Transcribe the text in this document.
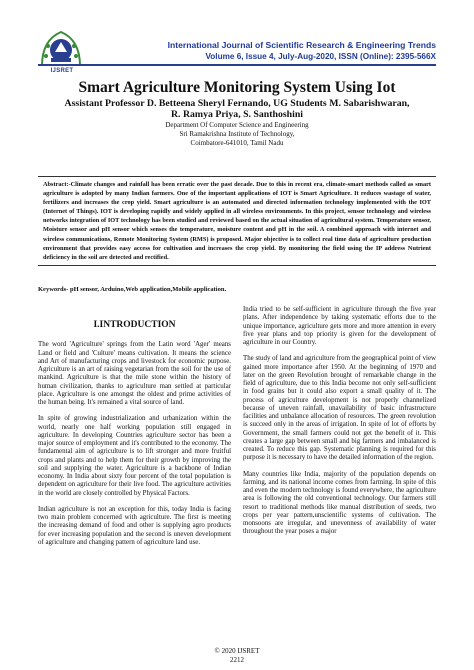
IJSRET
International Journal of Scientific Research & Engineering Trends
Volume 6, Issue 4, July-Aug-2020, ISSN (Online): 2395-566X
Smart Agriculture Monitoring System Using Iot
Assistant Professor D. Betteena Sheryl Fernando, UG Students M. Sabarishwaran,
R. Ramya Priya, S. Santhoshini
Department Of Computer Science and Engineering
Sri Ramakrishna Institute of Technology,
Coimbatore-641010, Tamil Nadu
Abstract:-Climate changes and rainfall has been erratic over the past decade. Due to this in recent era, climate-smart methods called as smart agriculture is adopted by many Indian farmers. One of the important applications of IOT is Smart Agriculture. It reduces wastage of water, fertilizers and increases the crop yield. Smart agriculture is an automated and directed information technology implemented with the IOT (Internet of Things). IOT is developing rapidly and widely applied in all wireless environments. In this project, sensor technology and wireless networks integration of IOT technology has been studied and reviewed based on the actual situation of agricultural system. Temperature sensor, Moisture sensor and pH sensor which senses the temperature, moisture content and pH in the soil. A combined approach with internet and wireless communications, Remote Monitoring System (RMS) is proposed. Major objective is to collect real time data of agriculture production environment that provides easy access for cultivation and increases the crop yield. By monitoring the field using the IP address Nutrient deficiency in the soil are detected and rectified.
Keywords- pH sensor, Arduino,Web application,Mobile application.

I.INTRODUCTION

The word 'Agriculture' springs from the Latin word 'Ager' means Land or field and 'Culture' means cultivation. It means the science and Art of manufacturing crops and livestock for economic purpose. Agriculture is an art of raising vegetarian from the soil for the use of mankind. Agriculture is that the mile stone within the history of human civilization, thanks to agriculture man settled at particular place. Agriculture is one amongst the oldest and prime activities of the human being. It's remained a vital source of land.

In spite of growing industrialization and urbanization within the world, nearly one half working population still engaged in agriculture. In developing Countries agriculture sector has been a major source of employment and it's contributed to the economy. The fundamental aim of agriculture is to lift stronger and more fruitful crops and plants and to help them for their growth by improving the soil and supplying the water. Agriculture is a backbone of Indian economy. In India about sixty four percent of the total population is dependent on agriculture for their live food. The agriculture activities in the world are closely controlled by Physical Factors.

Indian agriculture is not an exception for this, today India is facing two main problem concerned with agriculture. The first is meeting the increasing demand of food and other is supplying agro products for ever increasing population and the second is uneven development of agriculture and changing pattern of agriculture land use.

India tried to be self-sufficient in agriculture through the five year plans. After independence by taking systematic efforts due to the unique importance, agriculture gets more and more attention in every five year plans and top priority is given for the development of agriculture in our Country.

The study of land and agriculture from the geographical point of view gained more importance after 1950. At the beginning of 1970 and later on the green Revolution brought of remarkable change in the field of agriculture, due to this India become not only self-sufficient in food grains but it could also export a small quality of it. The process of agriculture development is not properly channelized because of uneven rainfall, unavailability of basic infrastructure facilities and unbalance allocation of resources. The green revolution is succeed only in the areas of irrigation. In spite of lot of efforts by Government, the small farmers could not get the benefit of it. This creates a large gap between small and big farmers and imbalanced is created. To reduce this gap. Systematic planning is required for this purpose it is necessary to have the detailed information of the region.

Many countries like India, majority of the population depends on farming, and its national income comes from farming. In spite of this and even the modern technology is found everywhere, the agriculture area is following the old conventional technology. Our farmers still resort to traditional methods like manual distribution of seeds, two crops per year pattern,unscientific systems of cultivation. The monsoons are irregular, and unevenness of availability of water throughout the year poses a major

© 2020 IJSRET
2212
